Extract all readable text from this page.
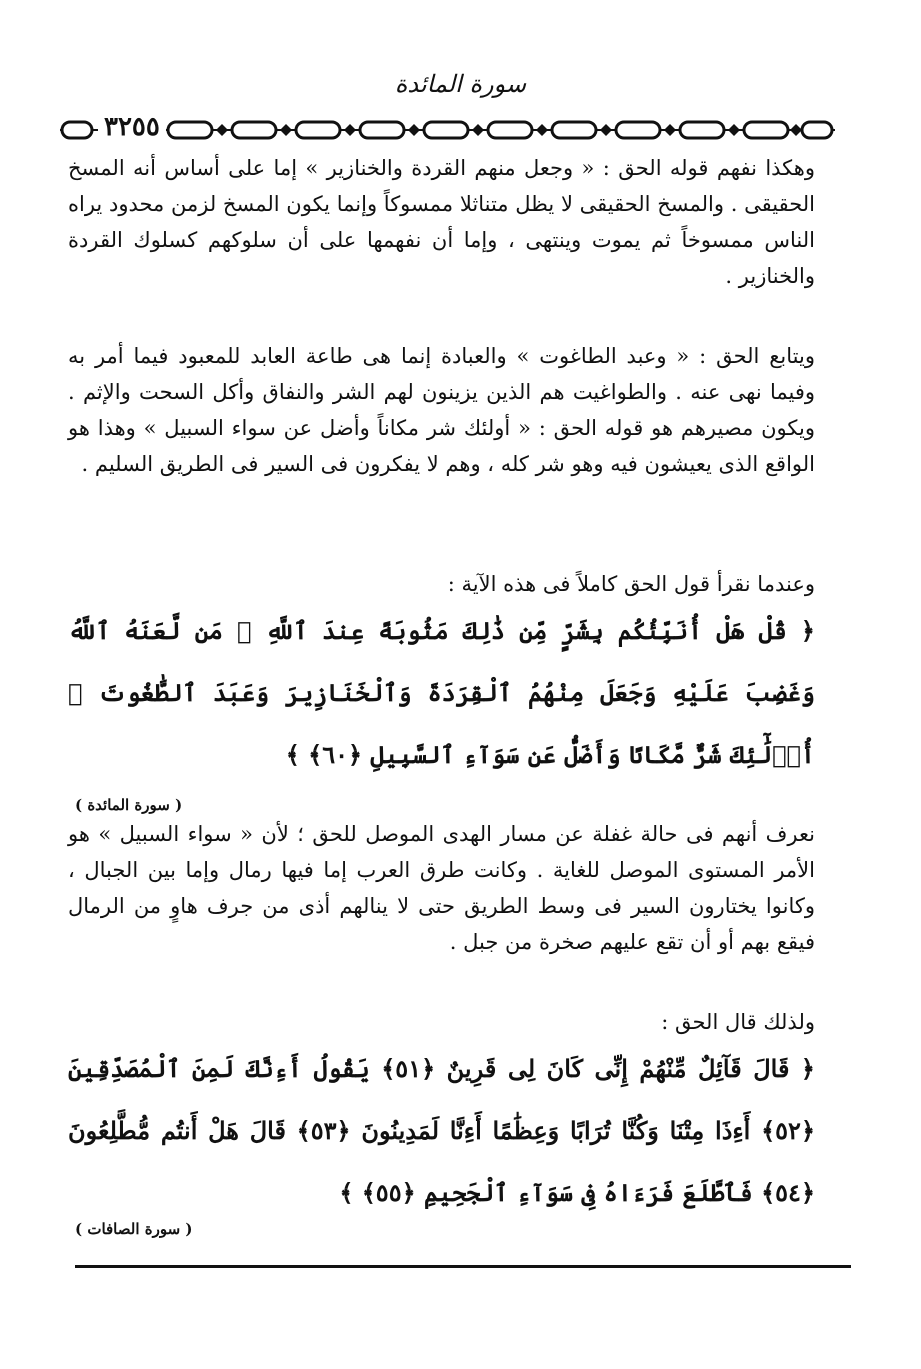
سورة المائدة
٣٢٥٥

وهكذا نفهم قوله الحق : « وجعل منهم القردة والخنازير » إما على أساس أنه المسخ الحقيقى . والمسخ الحقيقى لا يظل متناثلا ممسوكاً وإنما يكون المسخ لزمن محدود يراه الناس ممسوخاً ثم يموت وينتهى ، وإما أن نفهمها على أن سلوكهم كسلوك القردة والخنازير .

ويتابع الحق : « وعبد الطاغوت » والعبادة إنما هى طاعة العابد للمعبود فيما أمر به وفيما نهى عنه . والطواغيت هم الذين يزينون لهم الشر والنفاق وأكل السحت والإثم . ويكون مصيرهم هو قوله الحق : « أولئك شر مكاناً وأضل عن سواء السبيل » وهذا هو الواقع الذى يعيشون فيه وهو شر كله ، وهم لا يفكرون فى السير فى الطريق السليم .

وعندما نقرأ قول الحق كاملاً فى هذه الآية :

﴿ قُلْ هَلْ أُنَبِّئُكُم بِشَرٍّ مِّن ذَٰلِكَ مَثُوبَةً عِندَ ٱللَّهِ ۚ مَن لَّعَنَهُ ٱللَّهُ وَغَضِبَ عَلَيْهِ وَجَعَلَ مِنْهُمُ ٱلْقِرَدَةَ وَٱلْخَنَازِيرَ وَعَبَدَ ٱلطَّٰغُوتَ ۚ أُو۟لَٰٓئِكَ شَرٌّ مَّكَانًا وَأَضَلُّ عَن سَوَآءِ ٱلسَّبِيلِ ﴿٦٠﴾ ﴾

( سورة المائدة )

نعرف أنهم فى حالة غفلة عن مسار الهدى الموصل للحق ؛ لأن « سواء السبيل » هو الأمر المستوى الموصل للغاية . وكانت طرق العرب إما فيها رمال وإما بين الجبال ، وكانوا يختارون السير فى وسط الطريق حتى لا ينالهم أذى من جرف هاوٍ من الرمال فيقع بهم أو أن تقع عليهم صخرة من جبل .

ولذلك قال الحق :

﴿ قَالَ قَآئِلٌ مِّنْهُمْ إِنِّى كَانَ لِى قَرِينٌ ﴿٥١﴾ يَقُولُ أَءِنَّكَ لَمِنَ ٱلْمُصَدِّقِينَ ﴿٥٢﴾ أَءِذَا مِتْنَا وَكُنَّا تُرَابًا وَعِظَٰمًا أَءِنَّا لَمَدِينُونَ ﴿٥٣﴾ قَالَ هَلْ أَنتُم مُّطَّلِعُونَ ﴿٥٤﴾ فَٱطَّلَعَ فَرَءَاهُ فِى سَوَآءِ ٱلْجَحِيمِ ﴿٥٥﴾ ﴾

( سورة الصافات )
